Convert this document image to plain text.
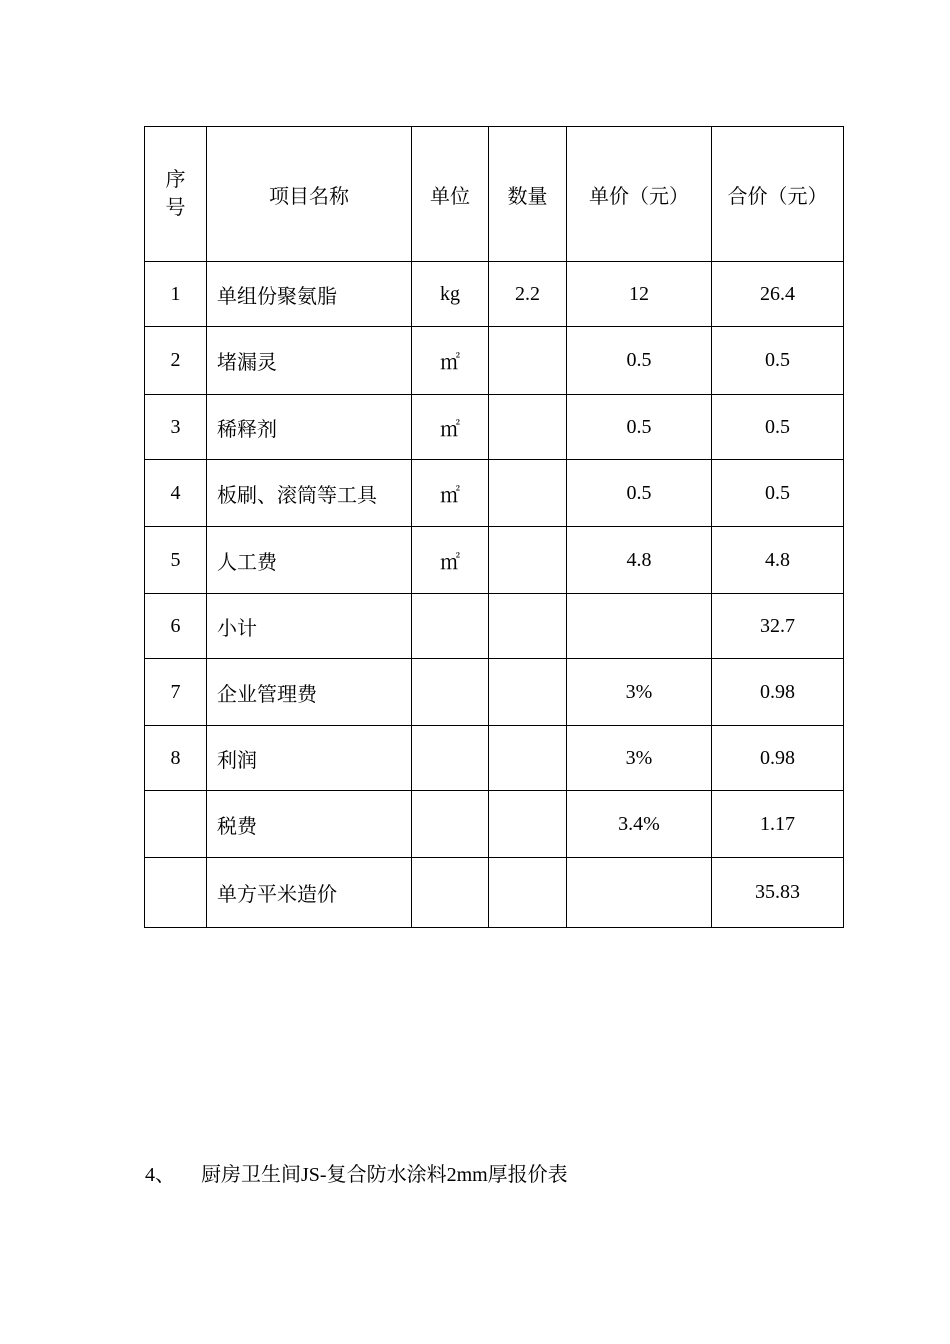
序号	项目名称	单位	数量	单价（元）	合价（元）
1	单组份聚氨脂	kg	2.2	12	26.4
2	堵漏灵	㎡		0.5	0.5
3	稀释剂	㎡		0.5	0.5
4	板刷、滚筒等工具	㎡		0.5	0.5
5	人工费	㎡		4.8	4.8
6	小计				32.7
7	企业管理费			3%	0.98
8	利润			3%	0.98
	税费			3.4%	1.17
	单方平米造价				35.83
4、 厨房卫生间JS-复合防水涂料2mm厚报价表
